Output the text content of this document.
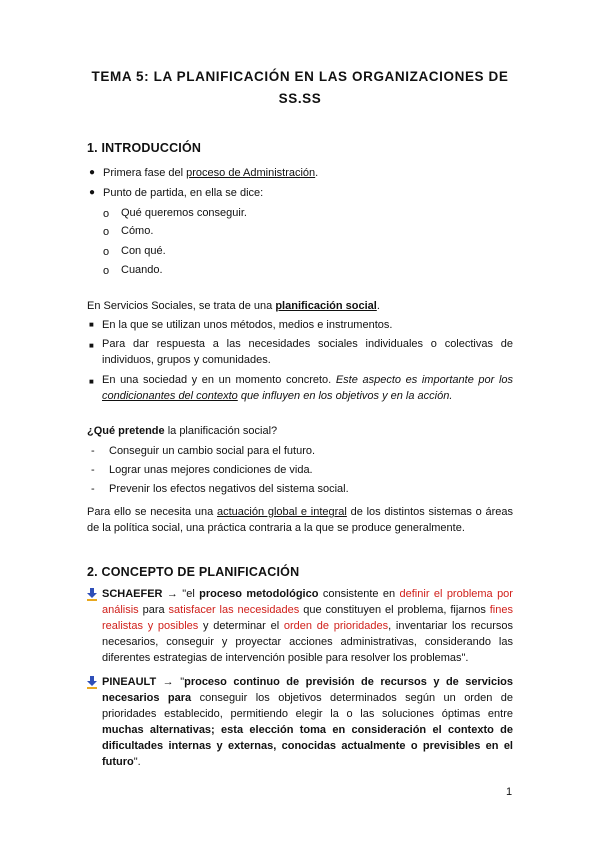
TEMA 5: LA PLANIFICACIÓN EN LAS ORGANIZACIONES DE
SS.SS
1. INTRODUCCIÓN
● Primera fase del proceso de Administración.
● Punto de partida, en ella se dice:
o Qué queremos conseguir.
o Cómo.
o Con qué.
o Cuando.
En Servicios Sociales, se trata de una planificación social.
■ En la que se utilizan unos métodos, medios e instrumentos.
■ Para dar respuesta a las necesidades sociales individuales o colectivas de individuos, grupos y comunidades.
■ En una sociedad y en un momento concreto. Este aspecto es importante por los condicionantes del contexto que influyen en los objetivos y en la acción.
¿Qué pretende la planificación social?
- Conseguir un cambio social para el futuro.
- Lograr unas mejores condiciones de vida.
- Prevenir los efectos negativos del sistema social.
Para ello se necesita una actuación global e integral de los distintos sistemas o áreas de la política social, una práctica contraria a la que se produce generalmente.
2. CONCEPTO DE PLANIFICACIÓN
SCHAEFER → "el proceso metodológico consistente en definir el problema por análisis para satisfacer las necesidades que constituyen el problema, fijarnos fines realistas y posibles y determinar el orden de prioridades, inventariar los recursos necesarios, conseguir y proyectar acciones administrativas, considerando las diferentes estrategias de intervención posible para resolver los problemas".
PINEAULT → "proceso continuo de previsión de recursos y de servicios necesarios para conseguir los objetivos determinados según un orden de prioridades establecido, permitiendo elegir la o las soluciones óptimas entre muchas alternativas; esta elección toma en consideración el contexto de dificultades internas y externas, conocidas actualmente o previsibles en el futuro".
1
